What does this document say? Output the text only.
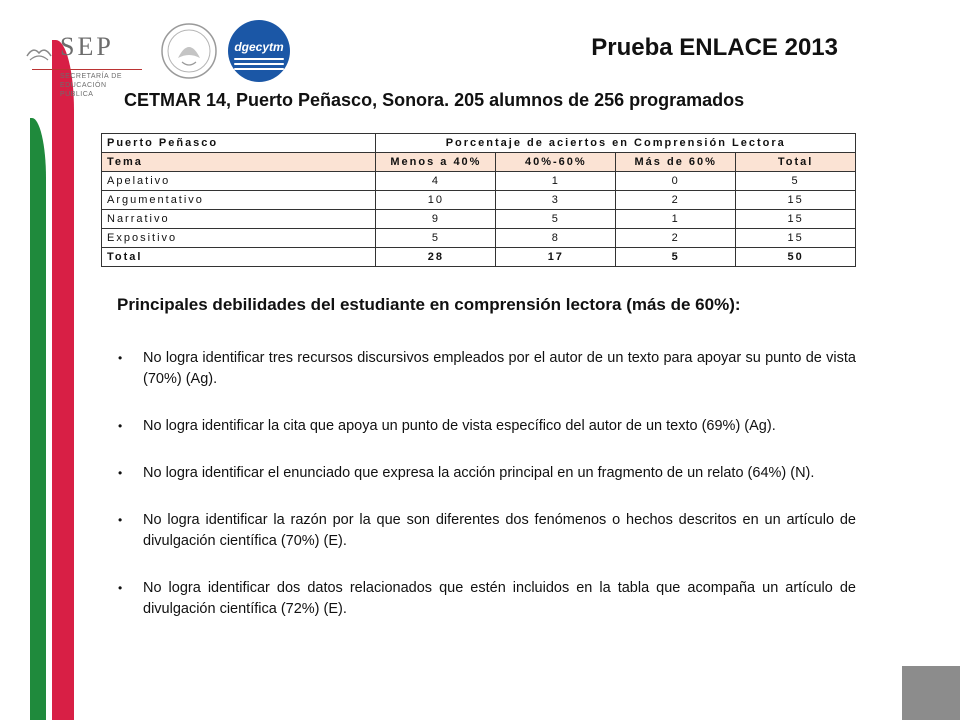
SEP
SECRETARÍA DE EDUCACIÓN PÚBLICA
dgecytm	Prueba ENLACE 2013
CETMAR 14, Puerto Peñasco, Sonora. 205 alumnos de 256 programados
Puerto Peñasco	Porcentaje de aciertos en Comprensión Lectora			
Tema	Menos a 40%	40%-60%	Más de 60%	Total
Apelativo	4	1	0	5
Argumentativo	10	3	2	15
Narrativo	9	5	1	15
Expositivo	5	8	2	15
Total	28	17	5	50
Principales debilidades del estudiante en comprensión lectora (más de 60%):
• No logra identificar tres recursos discursivos empleados por el autor de un texto para apoyar su punto de vista (70%) (Ag).
• No logra identificar la cita que apoya un punto de vista específico del autor de un texto (69%) (Ag).
• No logra identificar el enunciado que expresa la acción principal en un fragmento de un relato (64%) (N).
• No logra identificar la razón por la que son diferentes dos fenómenos o hechos descritos en un artículo de divulgación científica (70%) (E).
• No logra identificar dos datos relacionados que estén incluidos en la tabla que acompaña un artículo de divulgación científica (72%) (E).
